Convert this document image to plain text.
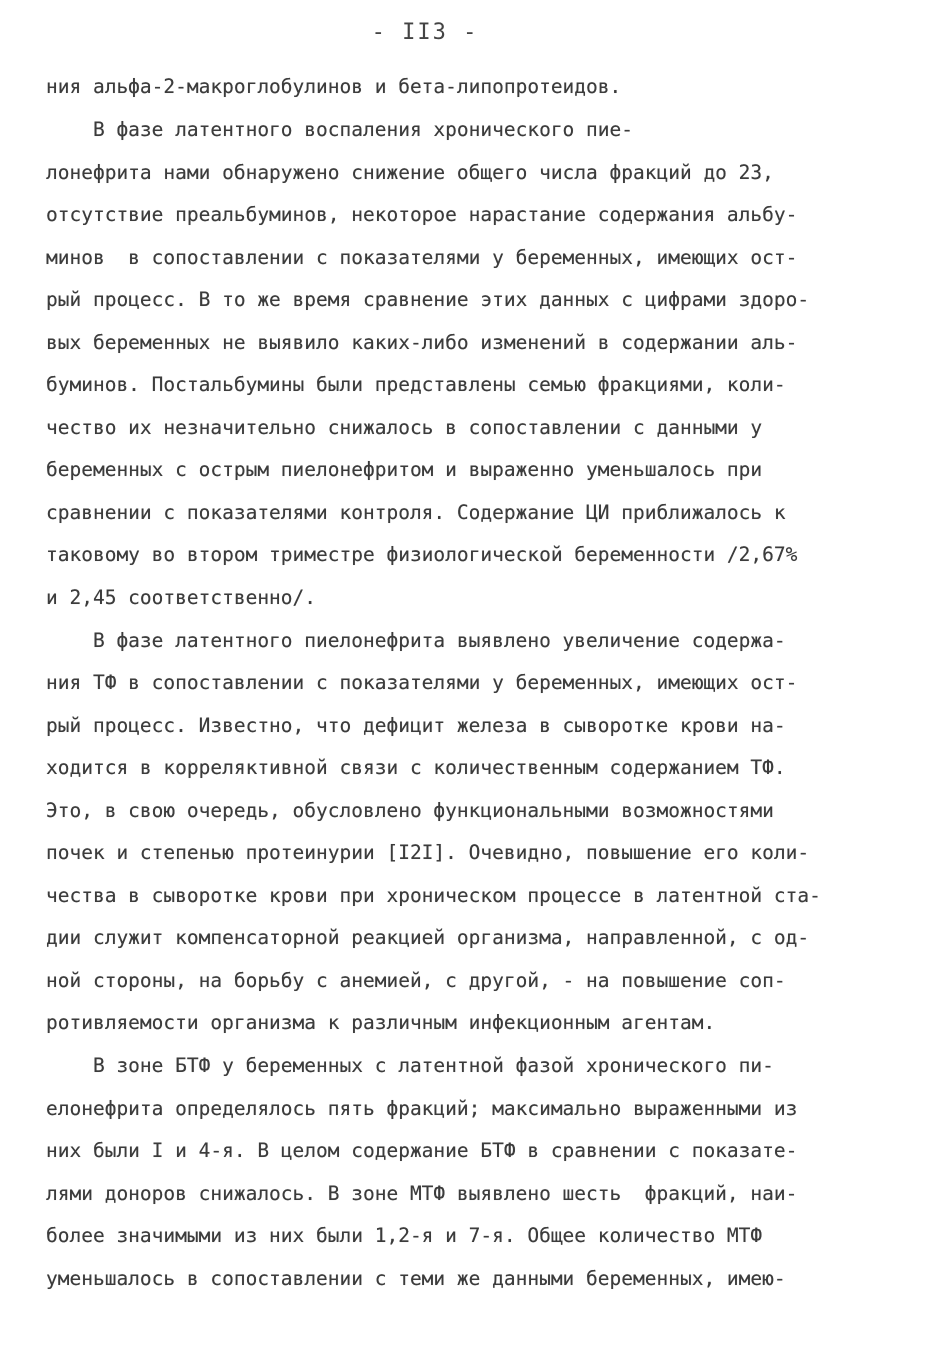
- II3 -
ния альфа-2-макроглобулинов и бета-липопротеидов.
В фазе латентного воспаления хронического пие-
лонефрита нами обнаружено снижение общего числа фракций до 23,
отсутствие преальбуминов, некоторое нарастание содержания альбу-
минов  в сопоставлении с показателями у беременных, имеющих ост-
рый процесс. В то же время сравнение этих данных с цифрами здоро-
вых беременных не выявило каких-либо изменений в содержании аль-
буминов. Постальбумины были представлены семью фракциями, коли-
чество их незначительно снижалось в сопоставлении с данными у
беременных с острым пиелонефритом и выраженно уменьшалось при
сравнении с показателями контроля. Содержание ЦИ приближалось к
таковому во втором триместре физиологической беременности /2,67%
и 2,45 соответственно/.
В фазе латентного пиелонефрита выявлено увеличение содержа-
ния ТФ в сопоставлении с показателями у беременных, имеющих ост-
рый процесс. Известно, что дефицит железа в сыворотке крови на-
ходится в корреляктивной связи с количественным содержанием ТФ.
Это, в свою очередь, обусловлено функциональными возможностями
почек и степенью протеинурии [I2I]. Очевидно, повышение его коли-
чества в сыворотке крови при хроническом процессе в латентной ста-
дии служит компенсаторной реакцией организма, направленной, с од-
ной стороны, на борьбу с анемией, с другой, - на повышение соп-
ротивляемости организма к различным инфекционным агентам.
В зоне БТФ у беременных с латентной фазой хронического пи-
елонефрита определялось пять фракций; максимально выраженными из
них были I и 4-я. В целом содержание БТФ в сравнении с показате-
лями доноров снижалось. В зоне МТФ выявлено шесть  фракций, наи-
более значимыми из них были 1,2-я и 7-я. Общее количество МТФ
уменьшалось в сопоставлении с теми же данными беременных, имею-
